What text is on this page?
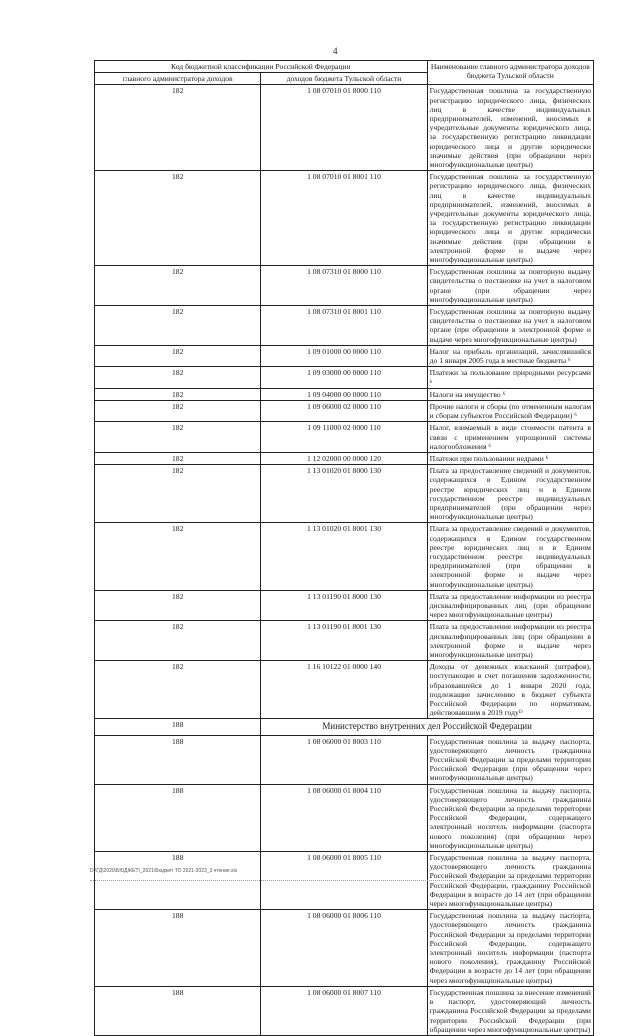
4
Код бюджетной классификации Российской Федерации		Наименование главного администратора доходов бюджета Тульской области
главного администратора доходов	доходов бюджета Тульской области	
182	1 08 07010 01 8000 110	Государственная пошлина за государственную регистрацию юридического лица, физических лиц в качестве индивидуальных предпринимателей, изменений, вносимых в учредительные документы юридического лица, за государственную регистрацию ликвидации юридического лица и другие юридически значимые действия (при обращении через многофункциональные центры)
182	1 08 07010 01 8001 110	Государственная пошлина за государственную регистрацию юридического лица, физических лиц в качестве индивидуальных предпринимателей, изменений, вносимых в учредительные документы юридического лица, за государственную регистрацию ликвидации юридического лица и другие юридически значимые действия (при обращении в электронной форме и выдаче через многофункциональные центры)
182	1 08 07310 01 8000 110	Государственная пошлина за повторную выдачу свидетельства о постановке на учет в налоговом органе (при обращении через многофункциональные центры)
182	1 08 07310 01 8001 110	Государственная пошлина за повторную выдачу свидетельства о постановке на учет в налоговом органе (при обращении в электронной форме и выдаче через многофункциональные центры)
182	1 09 01000 00 0000 110	Налог на прибыль организаций, зачислявшийся до 1 января 2005 года в местные бюджеты ⁶
182	1 09 03000 00 0000 110	Платежи за пользование природными ресурсами ⁶
182	1 09 04000 00 0000 110	Налоги на имущество ⁶
182	1 09 06000 02 0000 110	Прочие налоги и сборы (по отмененным налогам и сборам субъектов Российской Федерации) ⁶
182	1 09 11000 02 0000 110	Налог, взимаемый в виде стоимости патента в связи с применением упрощенной системы налогообложения ⁶
182	1 12 02000 00 0000 120	Платежи при пользовании недрами ⁶
182	1 13 01020 01 8000 130	Плата за предоставление сведений и документов, содержащихся в Едином государственном реестре юридических лиц и в Едином государственном реестре индивидуальных предпринимателей (при обращении через многофункциональные центры)
182	1 13 01020 01 8001 130	Плата за предоставление сведений и документов, содержащихся в Едином государственном реестре юридических лиц и в Едином государственном реестре индивидуальных предпринимателей (при обращении в электронной форме и выдаче через многофункциональные центры)
182	1 13 01190 01 8000 130	Плата за предоставление информации из реестра дисквалифицированных лиц (при обращении через многофункциональные центры)
182	1 13 01190 01 8001 130	Плата за предоставление информации из реестра дисквалифицированных лиц (при обращении в электронной форме и выдаче через многофункциональные центры)
182	1 16 10122 01 0000 140	Доходы от денежных взысканий (штрафов), поступающие в счет погашения задолженности, образовавшейся до 1 января 2020 года, подлежащие зачислению в бюджет субъекта Российской Федерации по нормативам, действовавшим в 2019 году¹⁾
188	Министерство внутренних дел Российской Федерации	
188	1 08 06000 01 8003 110	Государственная пошлина за выдачу паспорта, удостоверяющего личность гражданина Российской Федерации за пределами территории Российской Федерации (при обращении через многофункциональные центры)
188	1 08 06000 01 8004 110	Государственная пошлина за выдачу паспорта, удостоверяющего личность гражданина Российской Федерации за пределами территории Российской Федерации, содержащего электронный носитель информации (паспорта нового поколения) (при обращении через многофункциональные центры)
188	1 08 06000 01 8005 110	Государственная пошлина за выдачу паспорта, удостоверяющего личность гражданина Российской Федерации за пределами территории Российской Федерации, гражданину Российской Федерации в возрасте до 14 лет (при обращении через многофункциональные центры)
188	1 08 06000 01 8006 110	Государственная пошлина за выдачу паспорта, удостоверяющего личность гражданина Российской Федерации за пределами территории Российской Федерации, содержащего электронный носитель информации (паспорта нового поколения), гражданину Российской Федерации в возрасте до 14 лет (при обращении через многофункциональные центры)
188	1 08 06000 01 8007 110	Государственная пошлина за внесение изменений в паспорт, удостоверяющий личность гражданина Российской Федерации за пределами территории Российской Федерации (при обращении через многофункциональные центры)
D:\ГД\2020\БЮДЖЕТ\_2021\Бюджет ТО 2021-2023_3 чтение.xls
